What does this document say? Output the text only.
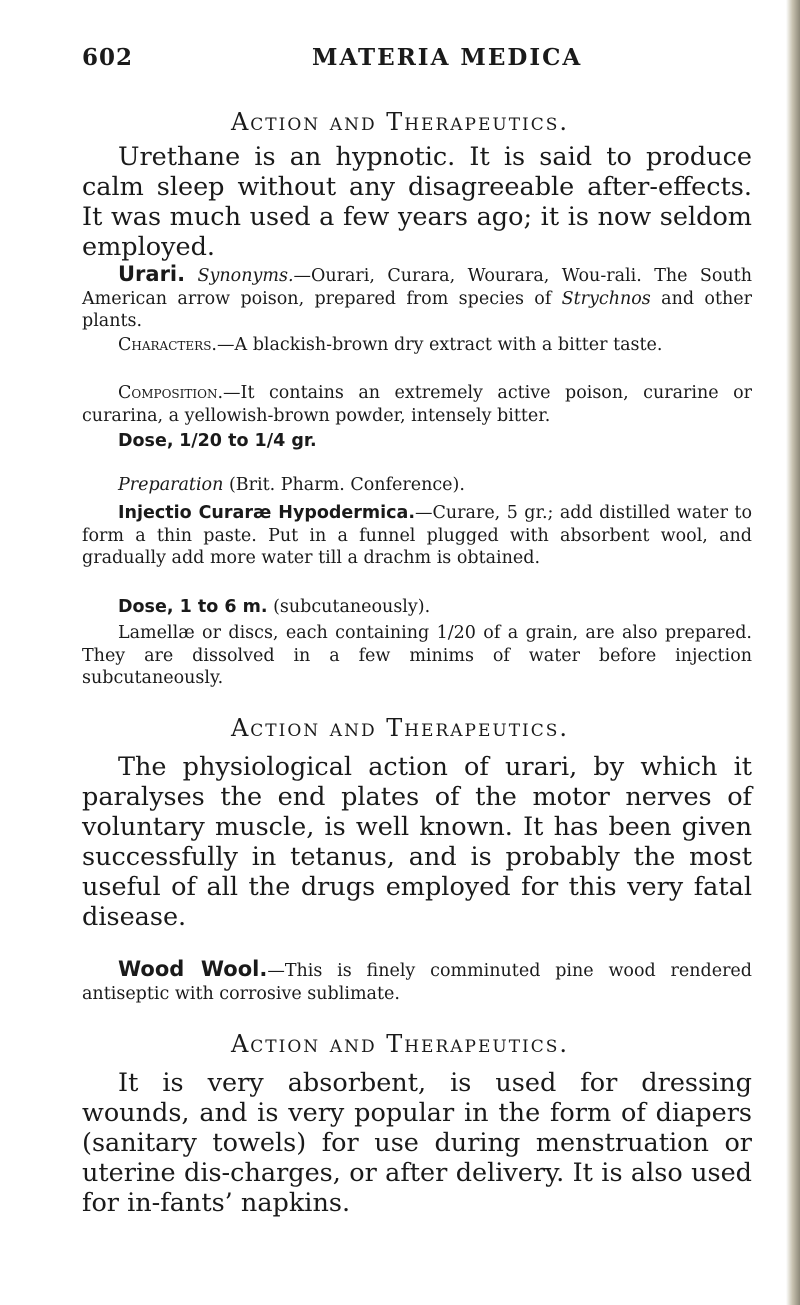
602	MATERIA MEDICA
Action and Therapeutics.
Urethane is an hypnotic. It is said to produce calm sleep without any disagreeable after-effects. It was much used a few years ago; it is now seldom employed.
Urari. Synonyms.—Ourari, Curara, Wourara, Wou-rali. The South American arrow poison, prepared from species of Strychnos and other plants.
Characters.—A blackish-brown dry extract with a bitter taste.
Composition.—It contains an extremely active poison, curarine or curarina, a yellowish-brown powder, intensely bitter.
Dose, 1/20 to 1/4 gr.
Preparation (Brit. Pharm. Conference).
Injectio Curaræ Hypodermica.—Curare, 5 gr.; add distilled water to form a thin paste. Put in a funnel plugged with absorbent wool, and gradually add more water till a drachm is obtained.
Dose, 1 to 6 m. (subcutaneously).
Lamellæ or discs, each containing 1/20 of a grain, are also prepared. They are dissolved in a few minims of water before injection subcutaneously.
Action and Therapeutics.
The physiological action of urari, by which it paralyses the end plates of the motor nerves of voluntary muscle, is well known. It has been given successfully in tetanus, and is probably the most useful of all the drugs employed for this very fatal disease.
Wood Wool.—This is finely comminuted pine wood rendered antiseptic with corrosive sublimate.
Action and Therapeutics.
It is very absorbent, is used for dressing wounds, and is very popular in the form of diapers (sanitary towels) for use during menstruation or uterine dis-charges, or after delivery. It is also used for in-fants’ napkins.
